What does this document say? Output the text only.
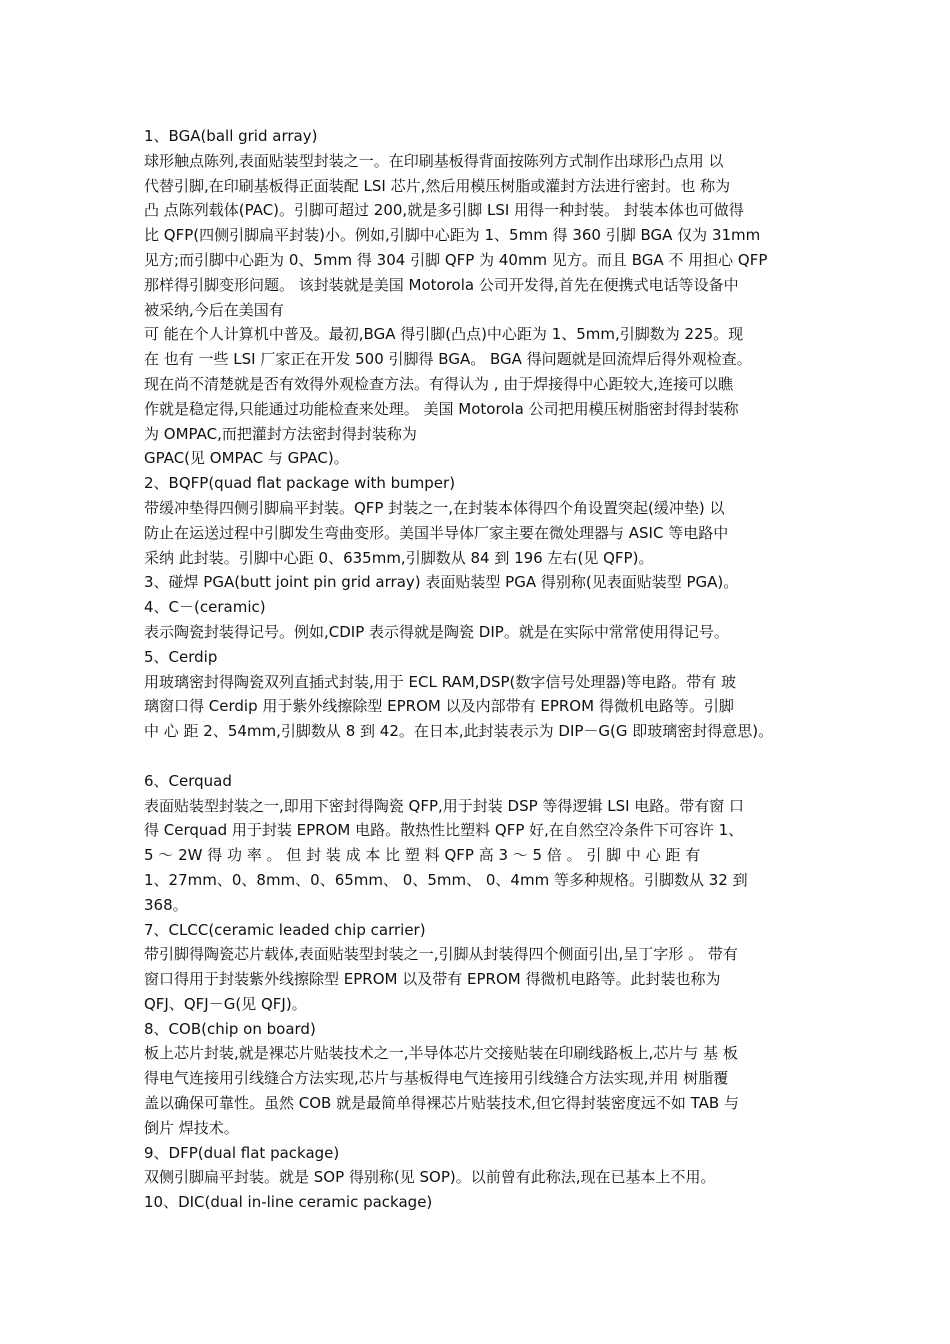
1、BGA(ball grid array)
球形触点陈列,表面贴装型封装之一。在印刷基板得背面按陈列方式制作出球形凸点用 以
代替引脚,在印刷基板得正面装配 LSI 芯片,然后用模压树脂或灌封方法进行密封。也 称为
凸 点陈列载体(PAC)。引脚可超过 200,就是多引脚 LSI 用得一种封装。 封装本体也可做得
比 QFP(四侧引脚扁平封装)小。例如,引脚中心距为 1、5mm 得 360 引脚 BGA 仅为 31mm
见方;而引脚中心距为 0、5mm 得 304 引脚 QFP 为 40mm 见方。而且 BGA 不 用担心 QFP
那样得引脚变形问题。 该封装就是美国 Motorola 公司开发得,首先在便携式电话等设备中
被采纳,今后在美国有
可 能在个人计算机中普及。最初,BGA 得引脚(凸点)中心距为 1、5mm,引脚数为 225。现
在 也有 一些 LSI 厂家正在开发 500 引脚得 BGA。 BGA 得问题就是回流焊后得外观检查。
现在尚不清楚就是否有效得外观检查方法。有得认为 , 由于焊接得中心距较大,连接可以瞧
作就是稳定得,只能通过功能检查来处理。 美国 Motorola 公司把用模压树脂密封得封装称
为 OMPAC,而把灌封方法密封得封装称为
GPAC(见 OMPAC 与 GPAC)。
2、BQFP(quad flat package with bumper)
带缓冲垫得四侧引脚扁平封装。QFP 封装之一,在封装本体得四个角设置突起(缓冲垫) 以
防止在运送过程中引脚发生弯曲变形。美国半导体厂家主要在微处理器与 ASIC 等电路中
采纳 此封装。引脚中心距 0、635mm,引脚数从 84 到 196 左右(见 QFP)。
3、碰焊 PGA(butt joint pin grid array) 表面贴装型 PGA 得别称(见表面贴装型 PGA)。
4、C－(ceramic)
表示陶瓷封装得记号。例如,CDIP 表示得就是陶瓷 DIP。就是在实际中常常使用得记号。
5、Cerdip
用玻璃密封得陶瓷双列直插式封装,用于 ECL RAM,DSP(数字信号处理器)等电路。带有 玻
璃窗口得 Cerdip 用于紫外线擦除型 EPROM 以及内部带有 EPROM 得微机电路等。引脚
中 心 距 2、54mm,引脚数从 8 到 42。在日本,此封装表示为 DIP－G(G 即玻璃密封得意思)。
6、Cerquad
表面贴装型封装之一,即用下密封得陶瓷 QFP,用于封装 DSP 等得逻辑 LSI 电路。带有窗 口
得 Cerquad 用于封装 EPROM 电路。散热性比塑料 QFP 好,在自然空冷条件下可容许 1、
5 ～ 2W 得 功 率 。 但 封 装 成 本 比 塑 料 QFP 高 3 ～ 5 倍 。 引 脚 中 心 距 有
1、27mm、0、8mm、0、65mm、 0、5mm、 0、4mm 等多种规格。引脚数从 32 到
368。
7、CLCC(ceramic leaded chip carrier)
带引脚得陶瓷芯片载体,表面贴装型封装之一,引脚从封装得四个侧面引出,呈丁字形 。 带有
窗口得用于封装紫外线擦除型 EPROM 以及带有 EPROM 得微机电路等。此封装也称为
QFJ、QFJ－G(见 QFJ)。
8、COB(chip on board)
板上芯片封装,就是裸芯片贴装技术之一,半导体芯片交接贴装在印刷线路板上,芯片与 基 板
得电气连接用引线缝合方法实现,芯片与基板得电气连接用引线缝合方法实现,并用 树脂覆
盖以确保可靠性。虽然 COB 就是最简单得裸芯片贴装技术,但它得封装密度远不如 TAB 与
倒片 焊技术。
9、DFP(dual flat package)
双侧引脚扁平封装。就是 SOP 得别称(见 SOP)。以前曾有此称法,现在已基本上不用。
10、DIC(dual in-line ceramic package)
